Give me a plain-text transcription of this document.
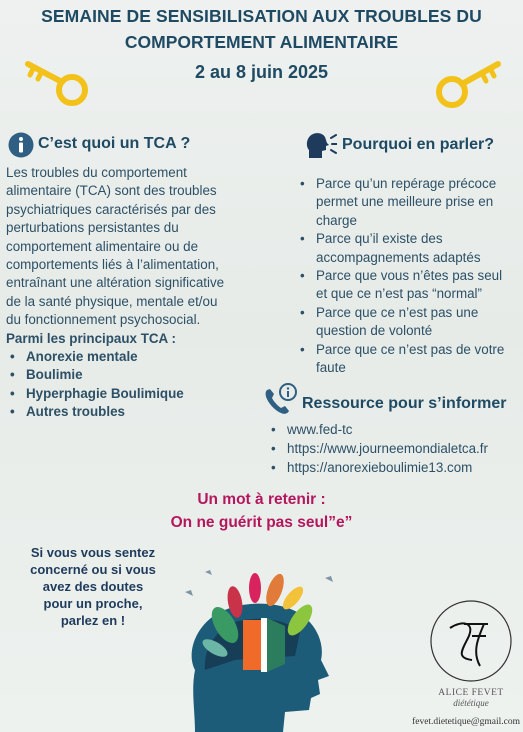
SEMAINE DE SENSIBILISATION AUX TROUBLES DU
COMPORTEMENT ALIMENTAIRE
2 au 8 juin 2025
C’est quoi un TCA ?
Les troubles du comportement
alimentaire (TCA) sont des troubles
psychiatriques caractérisés par des
perturbations persistantes du
comportement alimentaire ou de
comportements liés à l’alimentation,
entraînant une altération significative
de la santé physique, mentale et/ou
du fonctionnement psychosocial.
Parmi les principaux TCA :
• Anorexie mentale
• Boulimie
• Hyperphagie Boulimique
• Autres troubles
Pourquoi en parler?
• Parce qu’un repérage précoce
permet une meilleure prise en
charge
• Parce qu’il existe des
accompagnements adaptés
• Parce que vous n’êtes pas seul
et que ce n’est pas “normal”
• Parce que ce n’est pas une
question de volonté
• Parce que ce n’est pas de votre
faute
Ressource pour s’informer
• www.fed-tc
• https://www.journeemondialetca.fr
• https://anorexieboulimie13.com
Un mot à retenir :
On ne guérit pas seul”e”
Si vous vous sentez
concerné ou si vous
avez des doutes
pour un proche,
parlez en !
ALICE FEVET
diététique
fevet.dietetique@gmail.com
